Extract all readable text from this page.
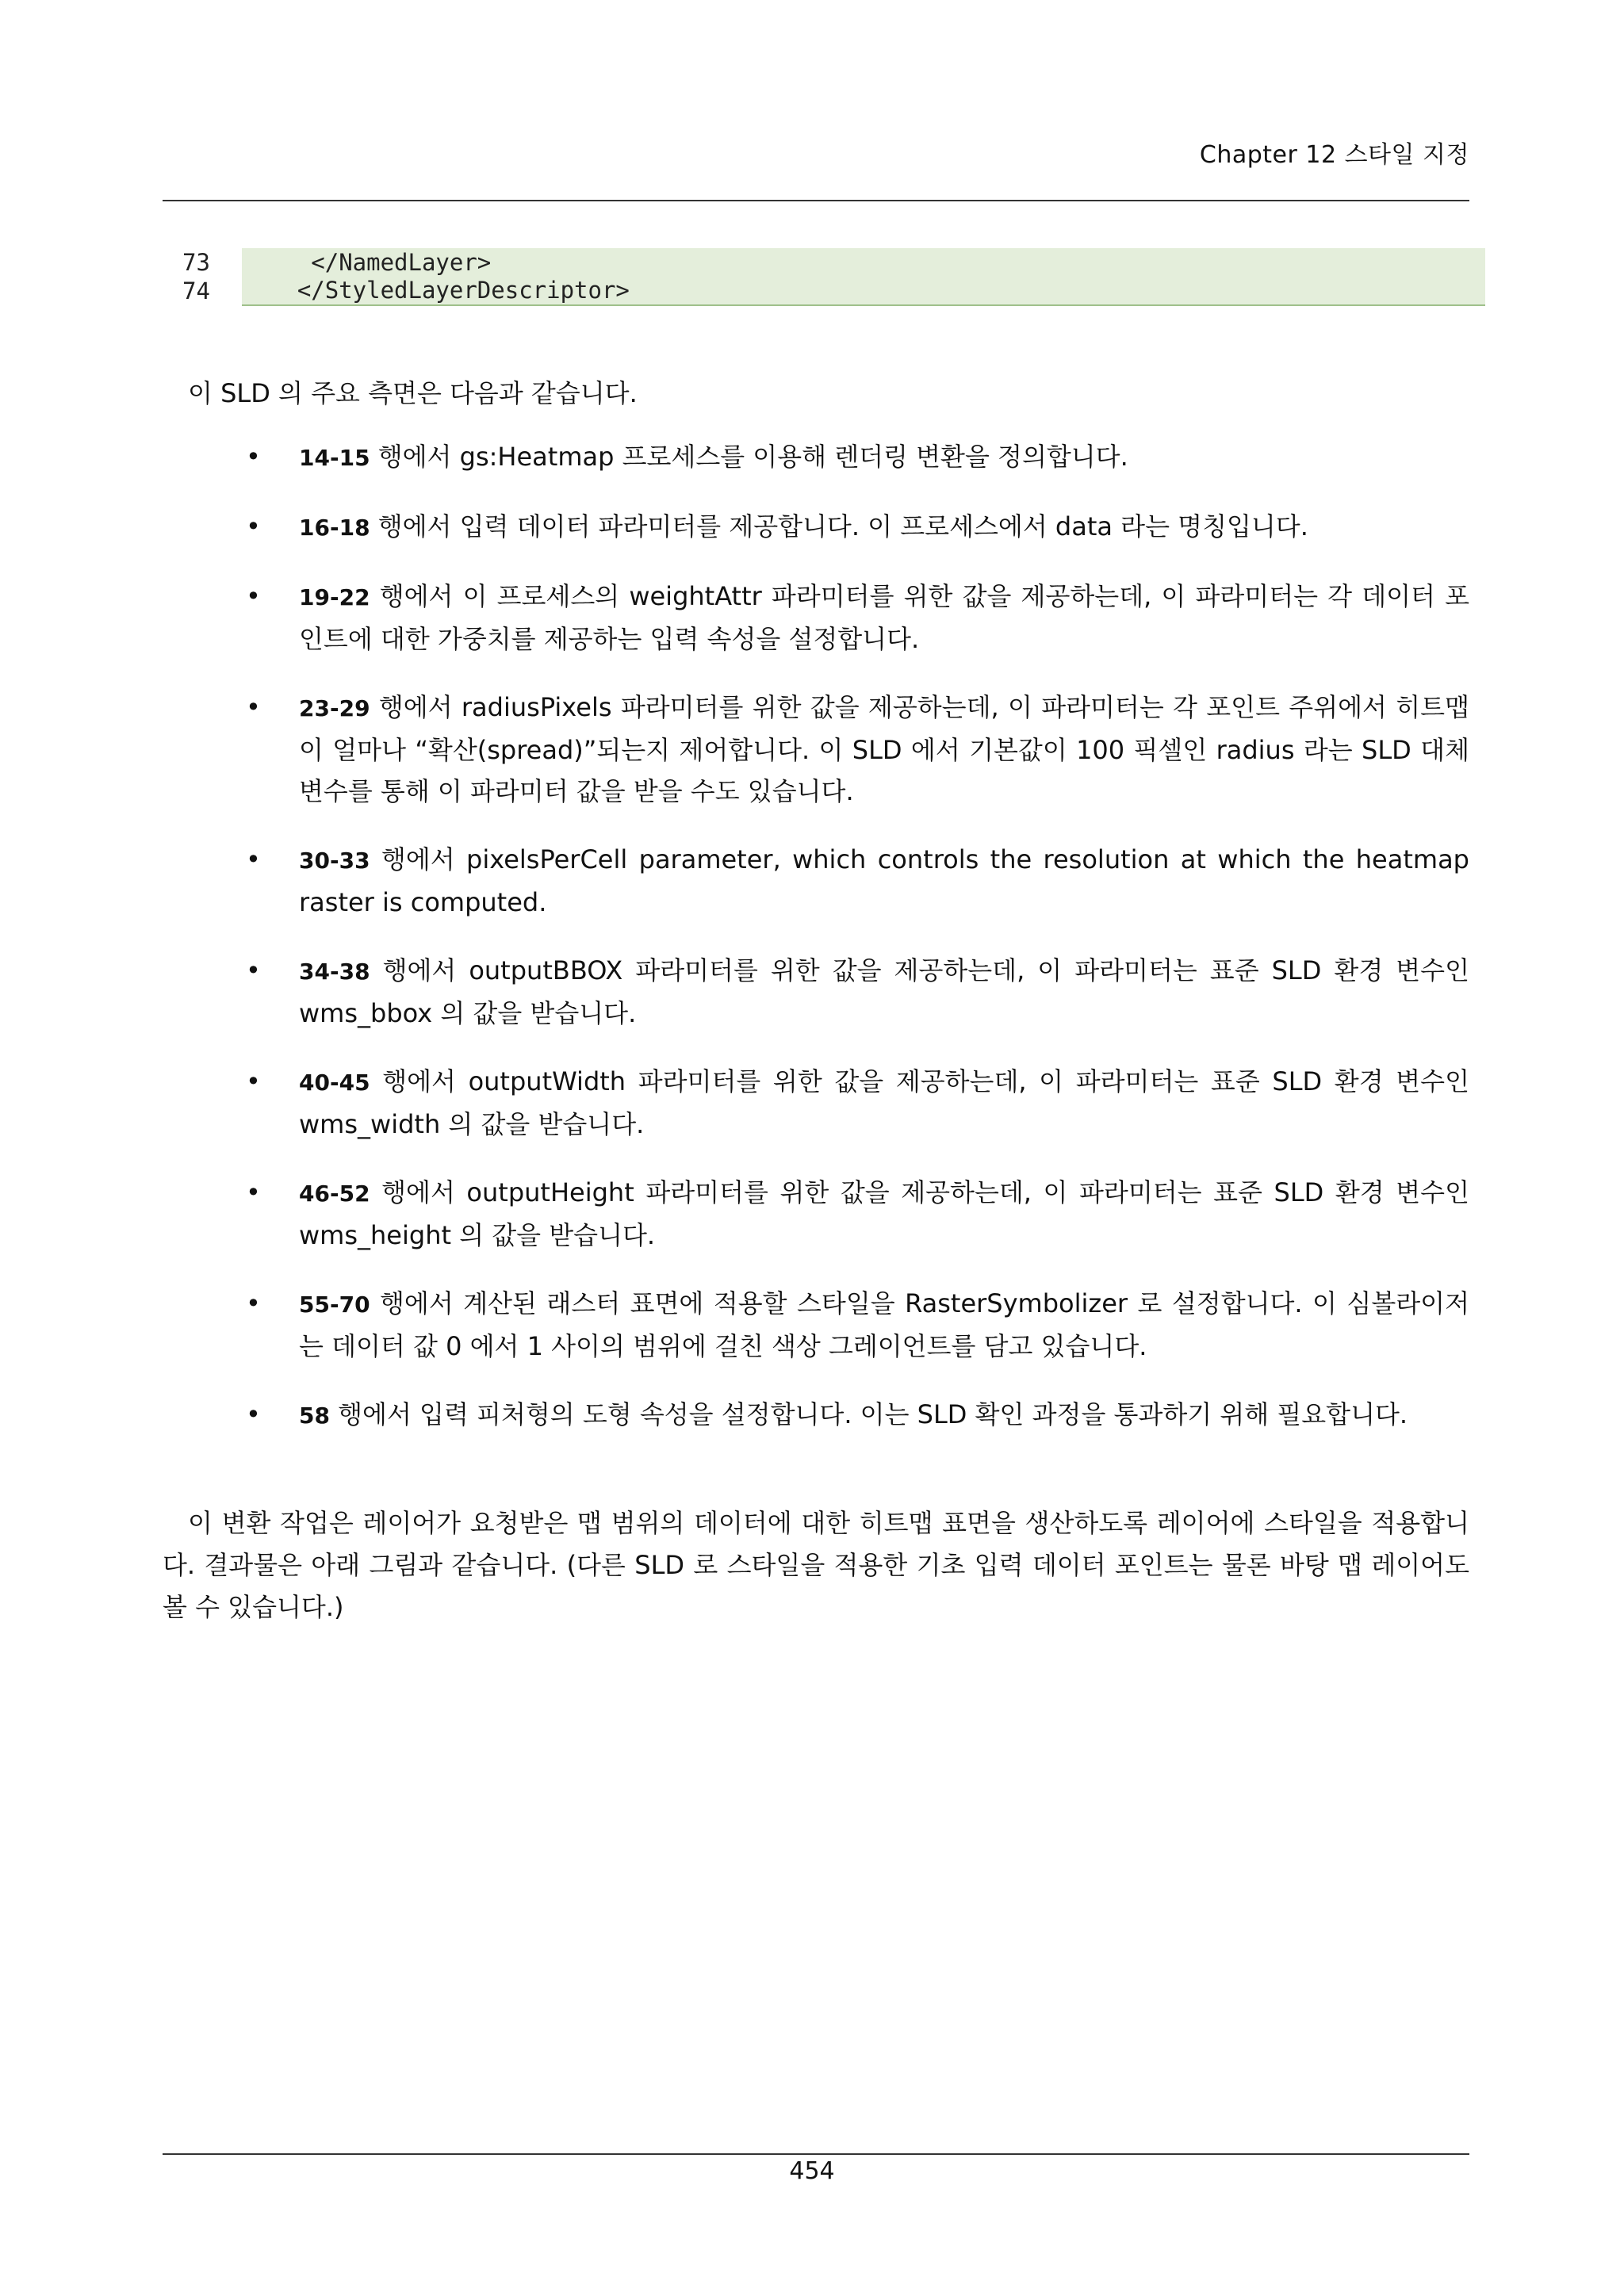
Chapter 12 스타일 지정
73	</NamedLayer>
74	</StyledLayerDescriptor>

이 SLD 의 주요 측면은 다음과 같습니다.

• 14-15 행에서 gs:Heatmap 프로세스를 이용해 렌더링 변환을 정의합니다.
• 16-18 행에서 입력 데이터 파라미터를 제공합니다. 이 프로세스에서 data 라는 명칭입니다.
• 19-22 행에서 이 프로세스의 weightAttr 파라미터를 위한 값을 제공하는데, 이 파라미터는 각 데이터 포인트에 대한 가중치를 제공하는 입력 속성을 설정합니다.
• 23-29 행에서 radiusPixels 파라미터를 위한 값을 제공하는데, 이 파라미터는 각 포인트 주위에서 히트맵이 얼마나 “확산(spread)”되는지 제어합니다. 이 SLD 에서 기본값이 100 픽셀인 radius 라는 SLD 대체 변수를 통해 이 파라미터 값을 받을 수도 있습니다.
• 30-33 행에서 pixelsPerCell parameter, which controls the resolution at which the heatmap raster is computed.
• 34-38 행에서 outputBBOX 파라미터를 위한 값을 제공하는데, 이 파라미터는 표준 SLD 환경 변수인 wms_bbox 의 값을 받습니다.
• 40-45 행에서 outputWidth 파라미터를 위한 값을 제공하는데, 이 파라미터는 표준 SLD 환경 변수인 wms_width 의 값을 받습니다.
• 46-52 행에서 outputHeight 파라미터를 위한 값을 제공하는데, 이 파라미터는 표준 SLD 환경 변수인 wms_height 의 값을 받습니다.
• 55-70 행에서 계산된 래스터 표면에 적용할 스타일을 RasterSymbolizer 로 설정합니다. 이 심볼라이저는 데이터 값 0 에서 1 사이의 범위에 걸친 색상 그레이언트를 담고 있습니다.
• 58 행에서 입력 피처형의 도형 속성을 설정합니다. 이는 SLD 확인 과정을 통과하기 위해 필요합니다.

이 변환 작업은 레이어가 요청받은 맵 범위의 데이터에 대한 히트맵 표면을 생산하도록 레이어에 스타일을 적용합니다. 결과물은 아래 그림과 같습니다. (다른 SLD 로 스타일을 적용한 기초 입력 데이터 포인트는 물론 바탕 맵 레이어도 볼 수 있습니다.)

454
